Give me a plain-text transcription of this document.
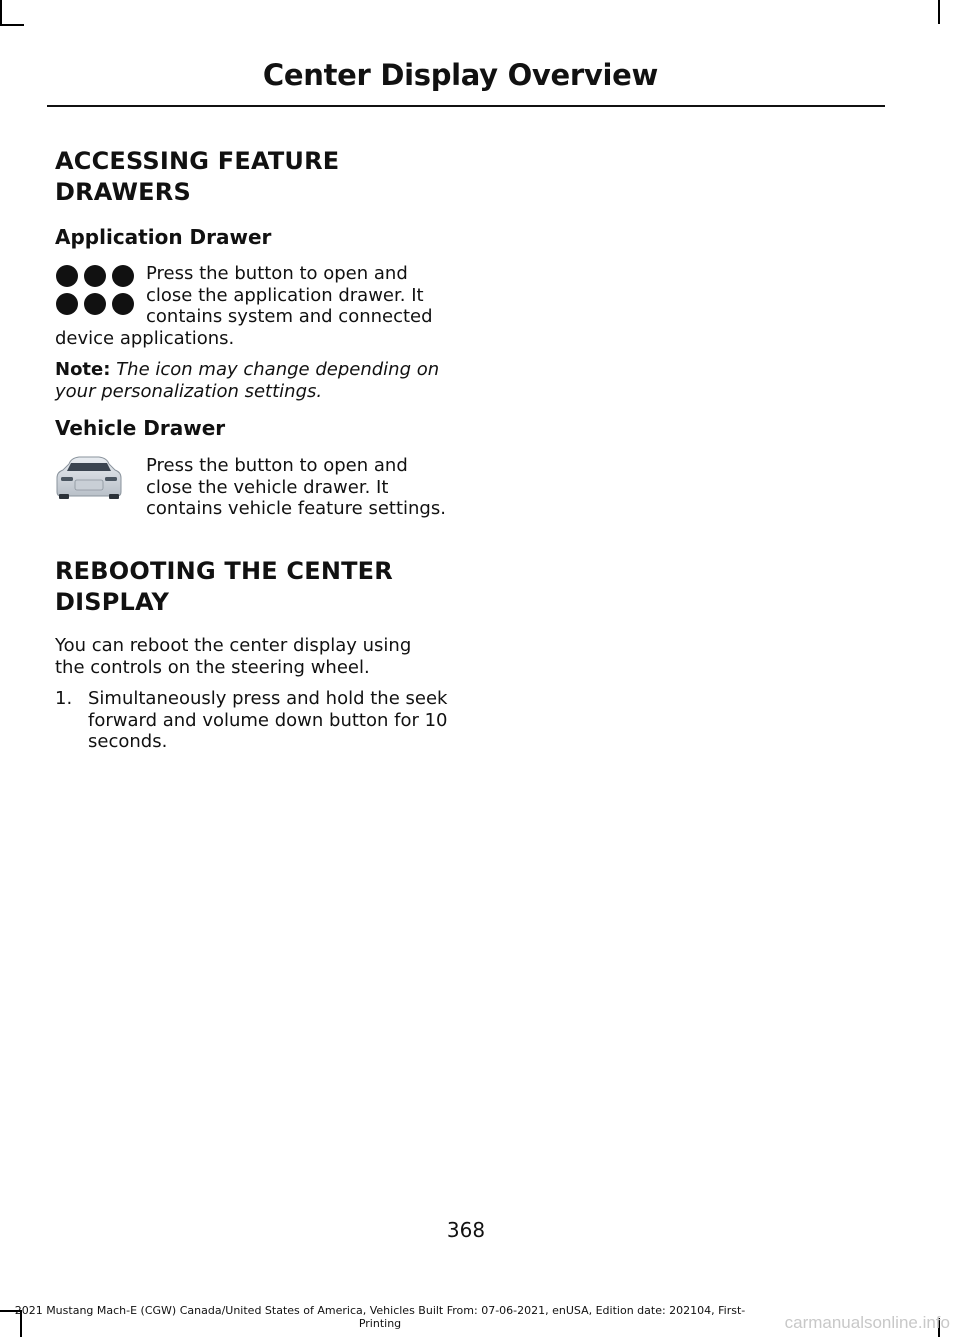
Center Display Overview

ACCESSING FEATURE

DRAWERS

Application Drawer

Press the button to open and close the application drawer. It contains system and connected
device applications.
Note: The icon may change depending on your personalization settings.

Vehicle Drawer

Press the button to open and close the vehicle drawer. It contains vehicle feature settings.

REBOOTING THE CENTER

DISPLAY

You can reboot the center display using the controls on the steering wheel.
1. Simultaneously press and hold the seek forward and volume down button for 10 seconds.
368
2021 Mustang Mach-E (CGW) Canada/United States of America, Vehicles Built From: 07-06-2021, enUSA, Edition date: 202104, First-Printing	carmanualsonline.info
